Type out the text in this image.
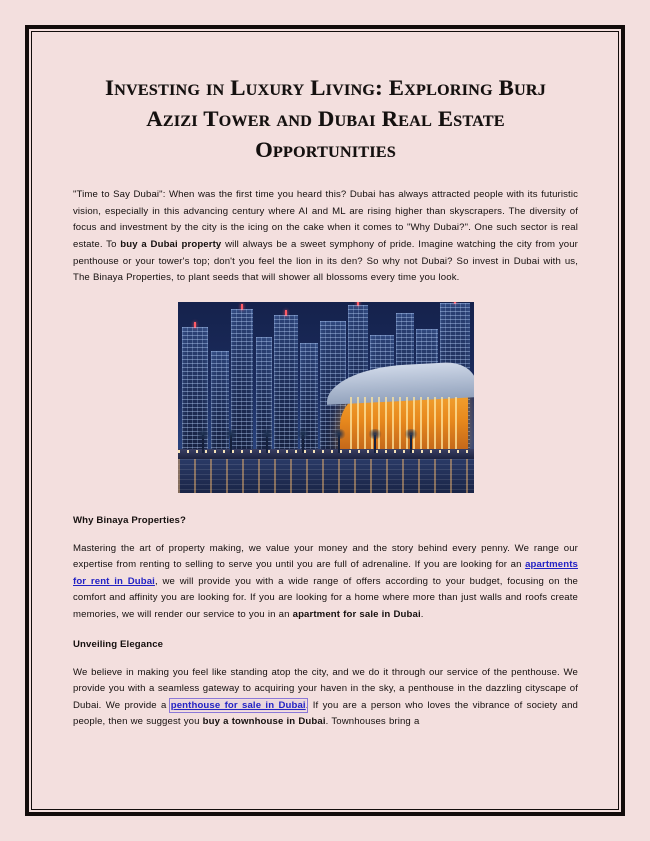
Investing in Luxury Living: Exploring Burj Azizi Tower and Dubai Real Estate Opportunities

"Time to Say Dubai": When was the first time you heard this? Dubai has always attracted people with its futuristic vision, especially in this advancing century where AI and ML are rising higher than skyscrapers. The diversity of focus and investment by the city is the icing on the cake when it comes to "Why Dubai?". One such sector is real estate. To buy a Dubai property will always be a sweet symphony of pride. Imagine watching the city from your penthouse or your tower's top; don't you feel the lion in its den? So why not Dubai? So invest in Dubai with us, The Binaya Properties, to plant seeds that will shower all blossoms every time you look.

Why Binaya Properties?

Mastering the art of property making, we value your money and the story behind every penny. We range our expertise from renting to selling to serve you until you are full of adrenaline. If you are looking for an apartments for rent in Dubai, we will provide you with a wide range of offers according to your budget, focusing on the comfort and affinity you are looking for. If you are looking for a home where more than just walls and roofs create memories, we will render our service to you in an apartment for sale in Dubai.

Unveiling Elegance

We believe in making you feel like standing atop the city, and we do it through our service of the penthouse. We provide you with a seamless gateway to acquiring your haven in the sky, a penthouse in the dazzling cityscape of Dubai. We provide a penthouse for sale in Dubai. If you are a person who loves the vibrance of society and people, then we suggest you buy a townhouse in Dubai. Townhouses bring a
